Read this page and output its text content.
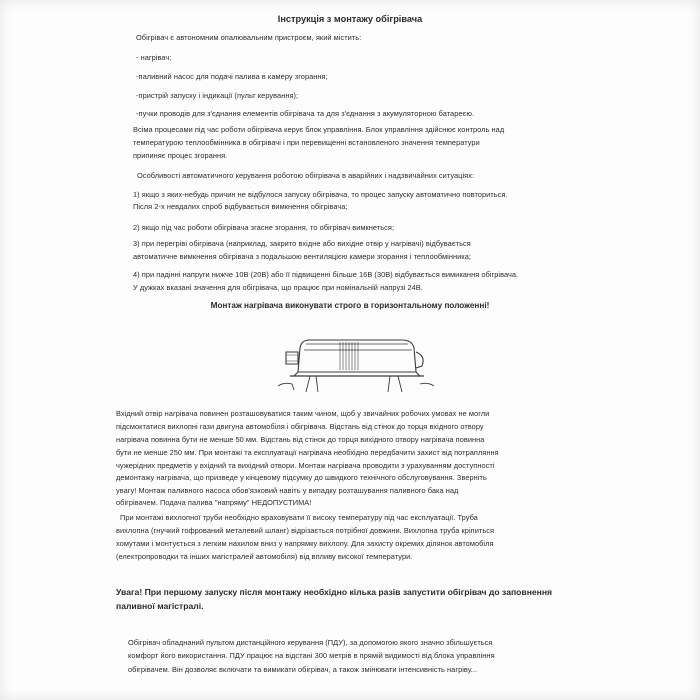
Інструкція з монтажу обігрівача
Обігрівач є автономним опалювальним пристроєм, який містить:
- нагрівач;
-паливний насос для подачі палива в камеру згорання;
-пристрій запуску і індикації (пульт керування);
-пучки проводів для з'єднання елементів обігрівача та для з'єднання з акумуляторною батареєю.
Всіма процесами під час роботи обігрівача керує блок управління. Блок управління здійснює контроль над
температурою теплообмінника в обігрівачі і при перевищенні встановленого значення температури
припиняє процес згорання.
Особливості автоматичного керування роботою обігрівача в аварійних і надзвичайних ситуаціях:
1) якщо з яких-небудь причин не відбулося запуску обігрівача, то процес запуску автоматично повториться.
Після 2-х невдалих спроб відбувається вимкнення обігрівача;
2) якщо під час роботи обігрівача згасне згорання, то обігрівач вимкнеться;
3) при перегріві обігрівача (наприклад, закрито вхідне або вихідне отвір у нагрівачі) відбувається
автоматичне вимкнення обігрівача з подальшою вентиляцією камери згорання і теплообмінника;
4) при падінні напруги нижче 10В (20В) або її підвищенні більше 16В (30В) відбувається вимикання обігрівача.
У дужках вказані значення для обігрівача, що працює при номінальній напрузі 24В.
Монтаж нагрівача виконувати строго в горизонтальному положенні!
Вхідний отвір нагрівача повинен розташовуватися таким чином, щоб у звичайних робочих умовах не могли
підсмоктатися вихлопні гази двигуна автомобіля і обігрівача. Відстань від стінок до торця вхідного отвору
нагрівача повинна бути не менше 50 мм. Відстань від стінок до торця вихідного отвору нагрівача повинна
бути не менше 250 мм. При монтажі та експлуатації нагрівача необхідно передбачити захист від потрапляння
чужерідних предметів у вхідний та вихідний отвори. Монтаж нагрівача проводити з урахуванням доступності
демонтажу нагрівача, що призведе у кінцевому підсумку до швидкого технічного обслуговування. Зверніть
увагу! Монтаж паливного насоса обов'язковий навіть у випадку розташування паливного бака над
обігрівачем. Подача палива "напряму" НЕДОПУСТИМА!
При монтажі вихлопної труби необхідно враховувати її високу температуру під час експлуатації. Труба
вихлопна (гнучкий гофрований металевий шланг) відрізається потрібної довжини. Вихлопна труба кріпиться
хомутами і монтується з легким нахилом вниз у напрямку вихлопу. Для захисту окремих ділянок автомобіля
(електропроводки та інших магістралей автомобіля) від впливу високої температури.
Увага! При першому запуску після монтажу необхідно кілька разів запустити обігрівач до заповнення
паливної магістралі.
Обігрівач обладнаний пультом дистанційного керування (ПДУ), за допомогою якого значно збільшується
комфорт його використання. ПДУ працює на відстані 300 метрів в прямій видимості від блока управління
обігрівачем. Він дозволяє включати та вимикати обігрівач, а також змінювати інтенсивність нагріву...
